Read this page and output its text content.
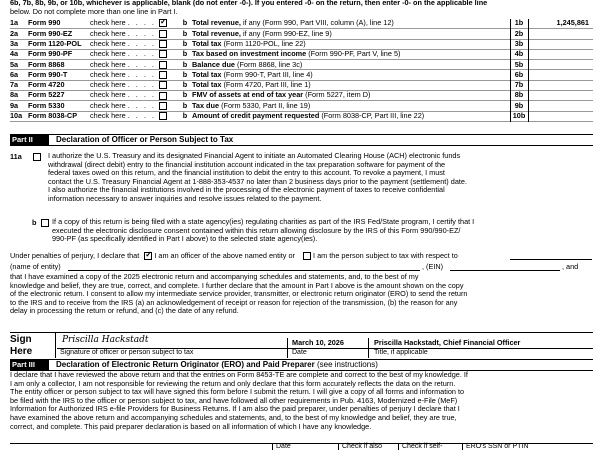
6b, 7b, 8b, 9b, or 10b, whichever is applicable, blank (do not enter -0-). If you entered -0- on the return, then enter -0- on the applicable line
below. Do not complete more than one line in Part I.
1a	Form 990	check here . . . .✓	b	Total revenue, if any (Form 990, Part VIII, column (A), line 12)	1b	1,245,861
2a	Form 990-EZ	check here . . . .	b	Total revenue, if any (Form 990-EZ, line 9)	2b	
3a	Form 1120-POL	check here . . . .	b	Total tax (Form 1120-POL, line 22)	3b	
4a	Form 990-PF	check here . . . .	b	Tax based on investment income (Form 990-PF, Part V, line 5)	4b	
5a	Form 8868	check here . . . .	b	Balance due (Form 8868, line 3c)	5b	
6a	Form 990-T	check here . . . .	b	Total tax (Form 990-T, Part III, line 4)	6b	
7a	Form 4720	check here . . . .	b	Total tax (Form 4720, Part III, line 1)	7b	
8a	Form 5227	check here . . . .	b	FMV of assets at end of tax year (Form 5227, item D)	8b	
9a	Form 5330	check here . . . .	b	Tax due (Form 5330, Part II, line 19)	9b	
10a	Form 8038-CP	check here . . . .	b	Amount of credit payment requested (Form 8038-CP, Part III, line 22)	10b	
Part II	Declaration of Officer or Person Subject to Tax
11a	I authorize the U.S. Treasury and its designated Financial Agent to initiate an Automated Clearing House (ACH) electronic funds
withdrawal (direct debit) entry to the financial institution account indicated in the tax preparation software for payment of the
federal taxes owed on this return, and the financial institution to debit the entry to this account. To revoke a payment, I must
contact the U.S. Treasury Financial Agent at 1-888-353-4537 no later than 2 business days prior to the payment (settlement) date.
I also authorize the financial institutions involved in the processing of the electronic payment of taxes to receive confidential
information necessary to answer inquiries and resolve issues related to the payment.
b If a copy of this return is being filed with a state agency(ies) regulating charities as part of the IRS Fed/State program, I certify that I
executed the electronic disclosure consent contained within this return allowing disclosure by the IRS of this Form 990/990-EZ/
990-PF (as specifically identified in Part I above) to the selected state agency(ies).
Under penalties of perjury, I declare that ✓ I am an officer of the above named entity or I am the person subject to tax with respect to
(name of entity)	, (EIN)	, and
that I have examined a copy of the 2025 electronic return and accompanying schedules and statements, and, to the best of my
knowledge and belief, they are true, correct, and complete. I further declare that the amount in Part I above is the amount shown on the copy
of the electronic return. I consent to allow my intermediate service provider, transmitter, or electronic return originator (ERO) to send the return
to the IRS and to receive from the IRS (a) an acknowledgement of receipt or reason for rejection of the transmission, (b) the reason for any
delay in processing the return or refund, and (c) the date of any refund.
Sign
Here
Priscilla Hackstadt
Signature of officer or person subject to tax
March 10, 2026
Date
Priscilla Hackstadt, Chief Financial Officer
Title, if applicable
Part III	Declaration of Electronic Return Originator (ERO) and Paid Preparer (see instructions)
I declare that I have reviewed the above return and that the entries on Form 8453-TE are complete and correct to the best of my knowledge. If
I am only a collector, I am not responsible for reviewing the return and only declare that this form accurately reflects the data on the return.
The entity officer or person subject to tax will have signed this form before I submit the return. I will give a copy of all forms and information to
be filed with the IRS to the officer or person subject to tax, and have followed all other requirements in Pub. 4163, Modernized e-File (MeF)
Information for Authorized IRS e-file Providers for Business Returns. If I am also the paid preparer, under penalties of perjury I declare that I
have examined the above return and accompanying schedules and statements, and, to the best of my knowledge and belief, they are true,
correct, and complete. This paid preparer declaration is based on all information of which I have any knowledge.
Date	Check if also	Check if self-	ERO's SSN or PTIN
